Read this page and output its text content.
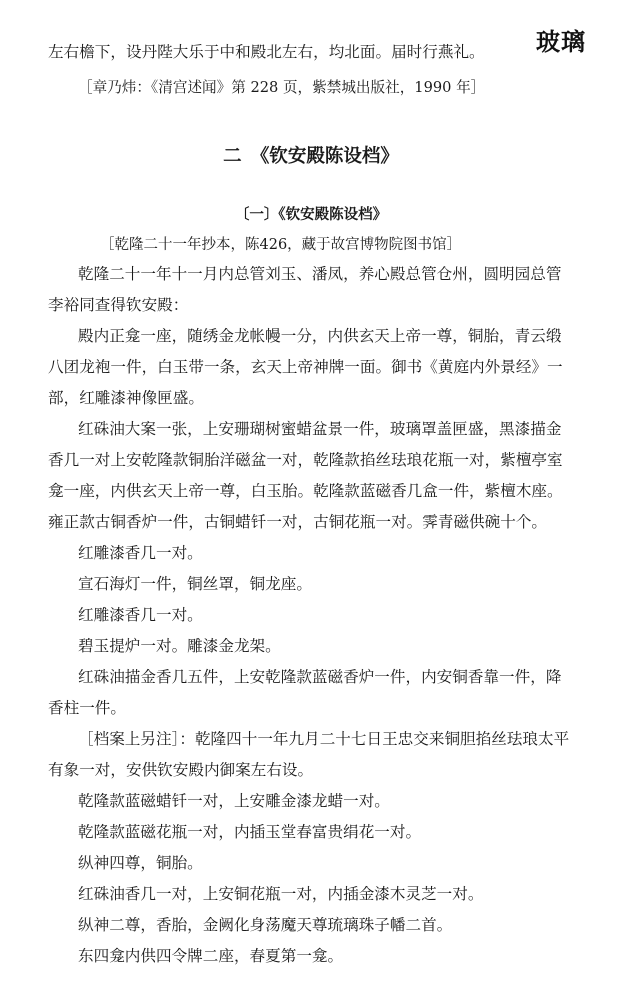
玻璃
左右檐下，设丹陛大乐于中和殿北左右，均北面。届时行燕礼。
［章乃炜：《清宫述闻》第 228 页，紫禁城出版社，1990 年］
二　《钦安殿陈设档》
〔一〕《钦安殿陈设档》
［乾隆二十一年抄本，陈426，藏于故宫博物院图书馆］
乾隆二十一年十一月内总管刘玉、潘凤，养心殿总管仓州，圆明园总管
李裕同查得钦安殿：
殿内正龛一座，随绣金龙帐幔一分，内供玄天上帝一尊，铜胎，青云缎
八团龙袍一件，白玉带一条，玄天上帝神牌一面。御书《黄庭内外景经》一
部，红雕漆神像匣盛。
红硃油大案一张，上安珊瑚树蜜蜡盆景一件，玻璃罩盖匣盛，黑漆描金
香几一对上安乾隆款铜胎洋磁盆一对，乾隆款掐丝珐琅花瓶一对，紫檀亭室
龛一座，内供玄天上帝一尊，白玉胎。乾隆款蓝磁香几盒一件，紫檀木座。
雍正款古铜香炉一件，古铜蜡钎一对，古铜花瓶一对。霁青磁供碗十个。
红雕漆香几一对。
宣石海灯一件，铜丝罩，铜龙座。
红雕漆香几一对。
碧玉提炉一对。雕漆金龙架。
红硃油描金香几五件，上安乾隆款蓝磁香炉一件，内安铜香靠一件，降
香柱一件。
［档案上另注］：乾隆四十一年九月二十七日王忠交来铜胆掐丝珐琅太平
有象一对，安供钦安殿内御案左右设。
乾隆款蓝磁蜡钎一对，上安雕金漆龙蜡一对。
乾隆款蓝磁花瓶一对，内插玉堂春富贵绢花一对。
纵神四尊，铜胎。
红硃油香几一对，上安铜花瓶一对，内插金漆木灵芝一对。
纵神二尊，香胎，金阙化身荡魔天尊琉璃珠子幡二首。
东四龛内供四令牌二座，春夏第一龛。
